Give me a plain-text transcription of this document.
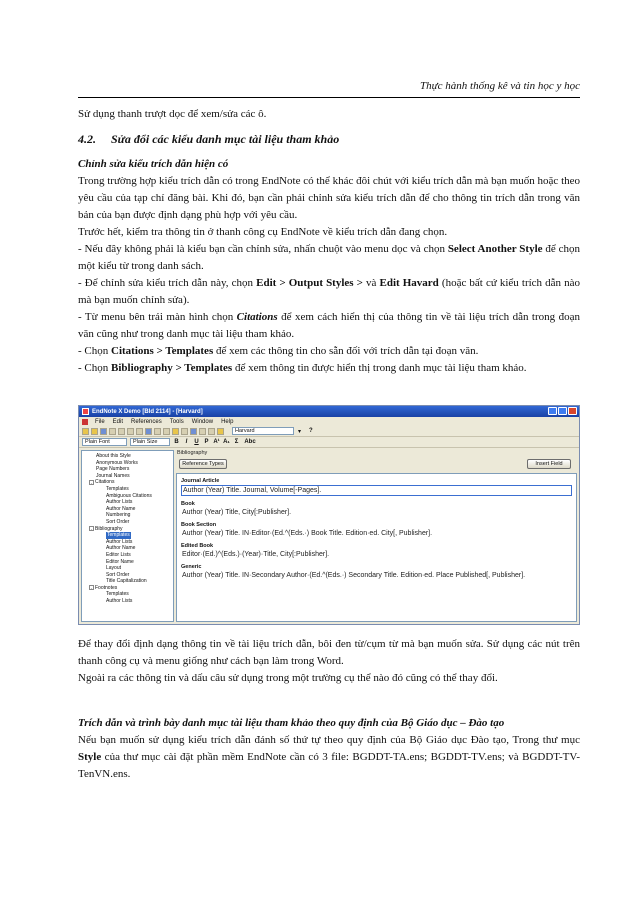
Thực hành thống kê và tin học y học
Sử dụng thanh trượt dọc để xem/sửa các ô.
4.2. Sửa đổi các kiểu danh mục tài liệu tham khảo
Chỉnh sửa kiểu trích dẫn hiện có
Trong trường hợp kiểu trích dẫn có trong EndNote có thể khác đôi chút với kiểu trích dẫn mà bạn muốn hoặc theo yêu cầu của tạp chí đăng bài. Khi đó, bạn cần phải chỉnh sửa kiểu trích dẫn để cho thông tin trích dẫn trong văn bản của bạn được định dạng phù hợp với yêu cầu.
Trước hết, kiểm tra thông tin ở thanh công cụ EndNote về kiểu trích dẫn đang chọn.
- Nếu đây không phải là kiểu bạn cần chỉnh sửa, nhấn chuột vào menu dọc và chọn Select Another Style để chọn một kiểu từ trong danh sách.
- Để chỉnh sửa kiểu trích dẫn này, chọn Edit > Output Styles > và Edit Havard (hoặc bất cứ kiểu trích dẫn nào mà bạn muốn chỉnh sửa).
- Từ menu bên trái màn hình chọn Citations để xem cách hiển thị của thông tin về tài liệu trích dẫn trong đoạn văn cũng như trong danh mục tài liệu tham khảo.
- Chọn Citations > Templates để xem các thông tin cho sẵn đối với trích dẫn tại đoạn văn.
- Chọn Bibliography > Templates để xem thông tin được hiển thị trong danh mục tài liệu tham khảo.
EndNote X Demo [Bld 2114] - [Harvard]
File	Edit	References	Tools	Window	Help
Harvard	▾ ?
Plain Font	Plain Size	B	I	U P A¹ A₁ Σ Abc
About this Style
Anonymous Works
Page Numbers
Journal Names
- Citations
Templates
Ambiguous Citations
Author Lists
Author Name
Numbering
Sort Order
- Bibliography
Templates
Author Lists
Author Name
Editor Lists
Editor Name
Layout
Sort Order
Title Capitalization
- Footnotes
Templates
Author Lists
Bibliography
Reference Types	Insert Field
Journal Article
Author (Year) Title. Journal, Volume[-Pages].
Book
Author (Year) Title, City[:Publisher].
Book Section
Author (Year) Title. IN·Editor·(Ed.^(Eds.·) Book Title. Edition·ed. City[, Publisher].
Edited Book
Editor·(Ed.)^(Eds.)·(Year)·Title, City[:Publisher].
Generic
Author (Year) Title. IN·Secondary Author·(Ed.^(Eds.·) Secondary Title. Edition·ed. Place Published[, Publisher].
Để thay đổi định dạng thông tin về tài liệu trích dẫn, bôi đen từ/cụm từ mà bạn muốn sửa. Sử dụng các nút trên thanh công cụ và menu giống như cách bạn làm trong Word.
Ngoài ra các thông tin và dấu câu sử dụng trong một trường cụ thể nào đó cũng có thể thay đổi.
Trích dẫn và trình bày danh mục tài liệu tham khảo theo quy định của Bộ Giáo dục – Đào tạo
Nếu bạn muốn sử dụng kiểu trích dẫn đánh số thứ tự theo quy định của Bộ Giáo dục Đào tạo, Trong thư mục Style của thư mục cài đặt phần mềm EndNote cần có 3 file: BGDDT-TA.ens; BGDDT-TV.ens; và BGDDT-TV-TenVN.ens.
